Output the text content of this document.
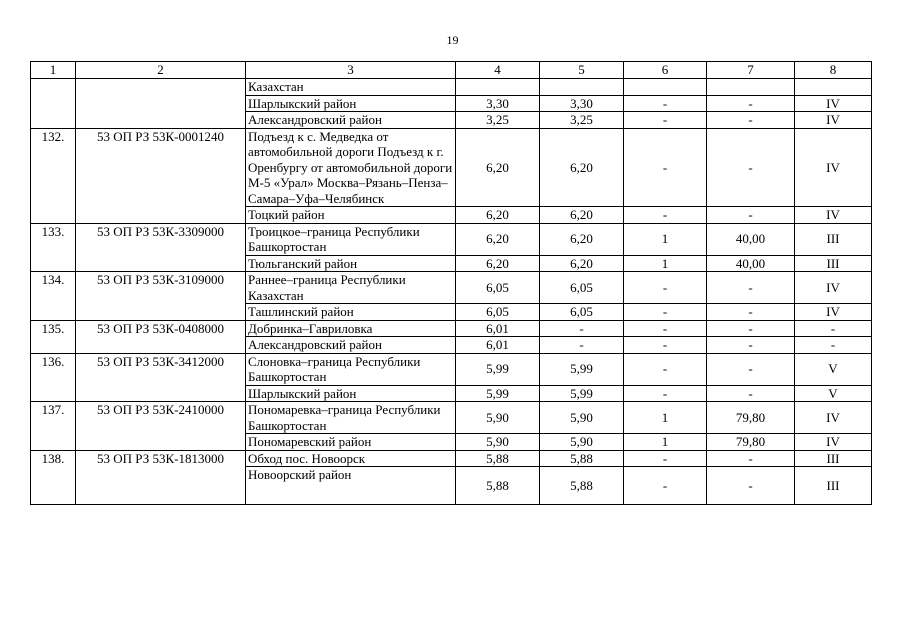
19
1	2	3	4	5	6	7	8
		Казахстан					
		Шарлыкский район	3,30	3,30	-	-	IV
		Александровский район	3,25	3,25	-	-	IV
132.	53 ОП РЗ 53К-0001240	Подъезд к с. Медведка от автомобильной дороги Подъезд к г. Оренбургу от автомобильной дороги М-5 «Урал» Москва–Рязань–Пенза–Самара–Уфа–Челябинск	6,20	6,20	-	-	IV
		Тоцкий район	6,20	6,20	-	-	IV
133.	53 ОП РЗ 53К-3309000	Троицкое–граница Республики Башкортостан	6,20	6,20	1	40,00	III
		Тюльганский район	6,20	6,20	1	40,00	III
134.	53 ОП РЗ 53К-3109000	Раннее–граница Республики Казахстан	6,05	6,05	-	-	IV
		Ташлинский район	6,05	6,05	-	-	IV
135.	53 ОП РЗ 53К-0408000	Добринка–Гавриловка	6,01	-	-	-	-
		Александровский район	6,01	-	-	-	-
136.	53 ОП РЗ 53К-3412000	Слоновка–граница Республики Башкортостан	5,99	5,99	-	-	V
		Шарлыкский район	5,99	5,99	-	-	V
137.	53 ОП РЗ 53К-2410000	Пономаревка–граница Республики Башкортостан	5,90	5,90	1	79,80	IV
		Пономаревский район	5,90	5,90	1	79,80	IV
138.	53 ОП РЗ 53К-1813000	Обход пос. Новоорск	5,88	5,88	-	-	III
		Новоорский район	5,88	5,88	-	-	III
